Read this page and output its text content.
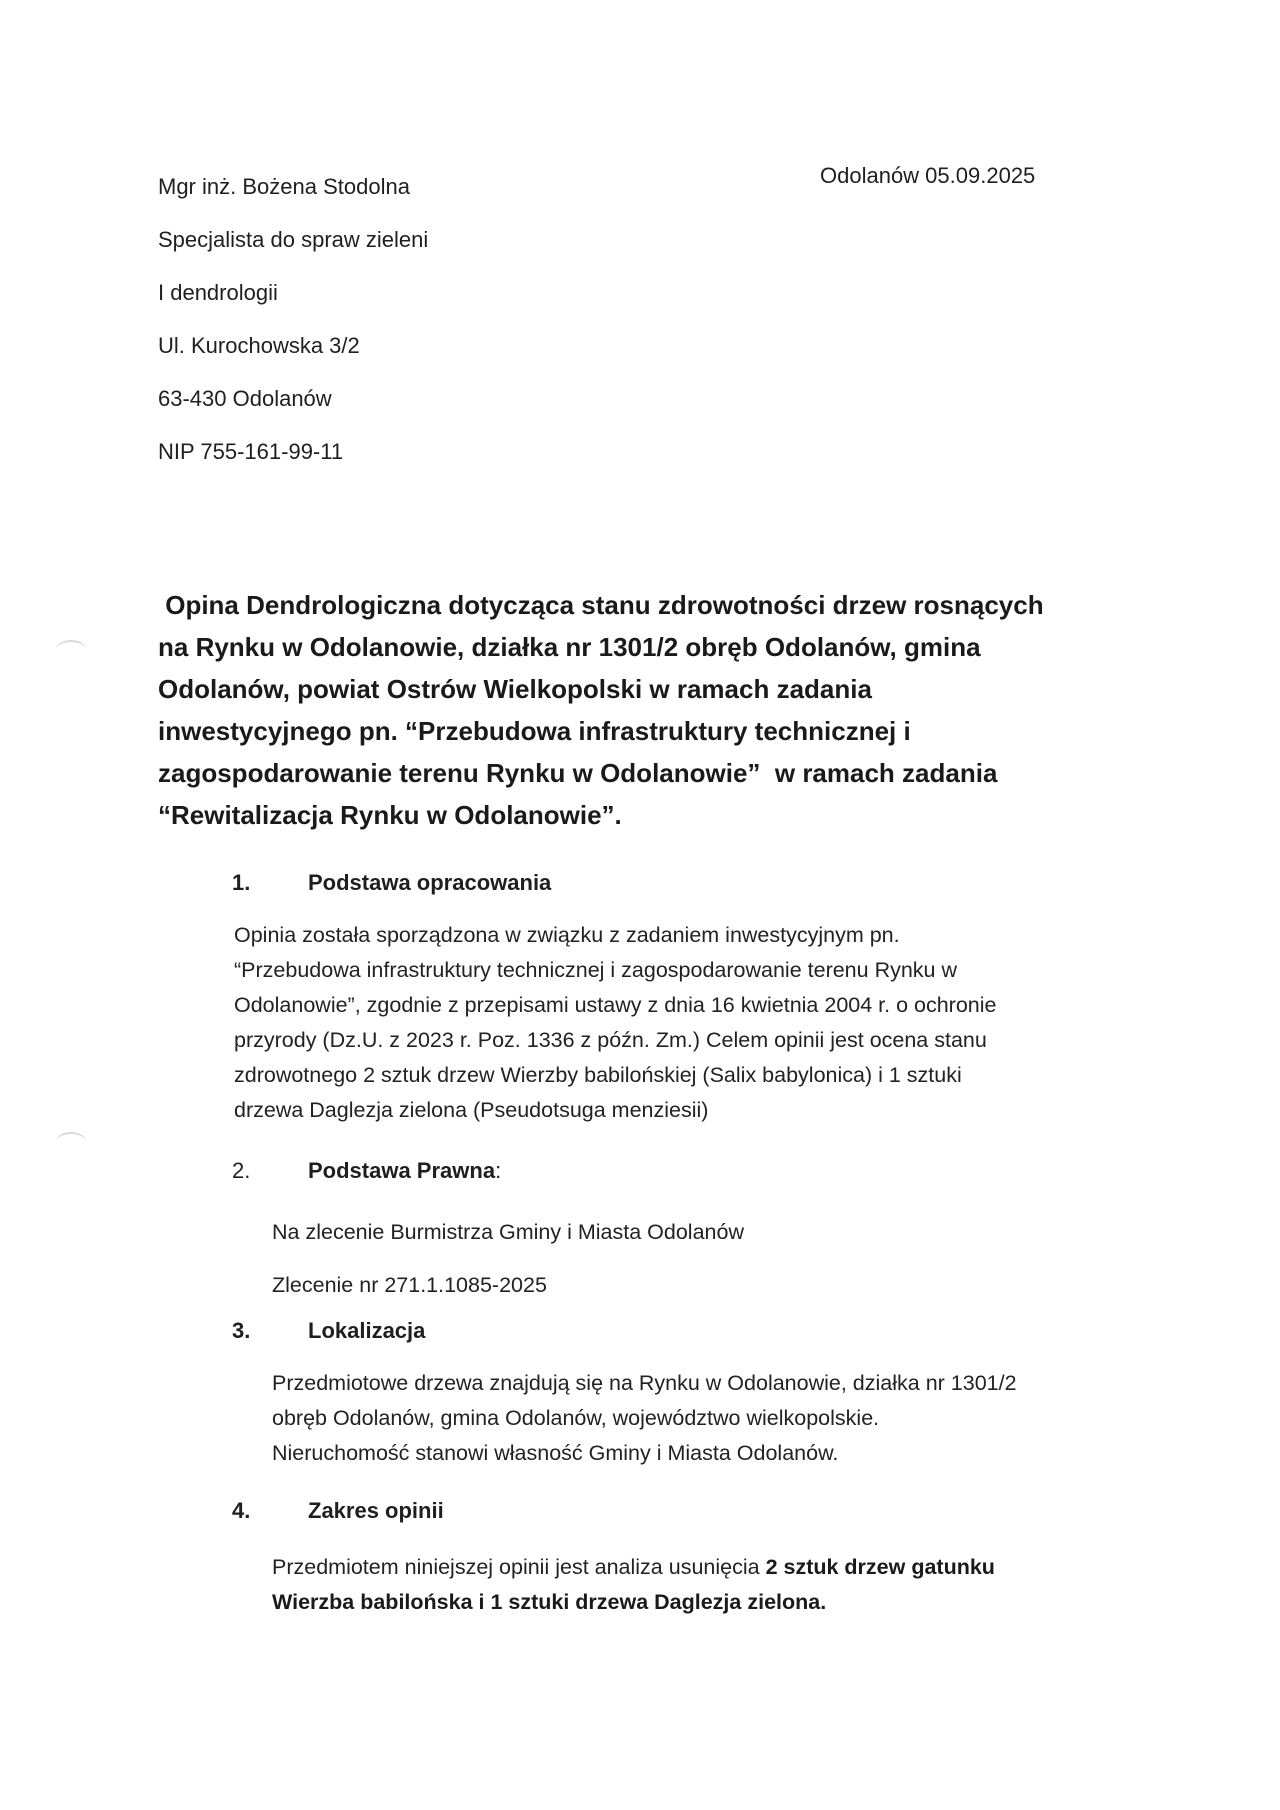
Mgr inż. Bożena Stodolna
Specjalista do spraw zieleni
I dendrologii
Ul. Kurochowska 3/2
63-430 Odolanów
NIP 755-161-99-11
Odolanów 05.09.2025
Opina Dendrologiczna dotycząca stanu zdrowotności drzew rosnących
na Rynku w Odolanowie, działka nr 1301/2 obręb Odolanów, gmina
Odolanów, powiat Ostrów Wielkopolski w ramach zadania
inwestycyjnego pn. “Przebudowa infrastruktury technicznej i
zagospodarowanie terenu Rynku w Odolanowie”  w ramach zadania
“Rewitalizacja Rynku w Odolanowie”.
1.	Podstawa opracowania
Opinia została sporządzona w związku z zadaniem inwestycyjnym pn.
“Przebudowa infrastruktury technicznej i zagospodarowanie terenu Rynku w
Odolanowie”, zgodnie z przepisami ustawy z dnia 16 kwietnia 2004 r. o ochronie
przyrody (Dz.U. z 2023 r. Poz. 1336 z późn. Zm.) Celem opinii jest ocena stanu
zdrowotnego 2 sztuk drzew Wierzby babilońskiej (Salix babylonica) i 1 sztuki
drzewa Daglezja zielona (Pseudotsuga menziesii)
2.	Podstawa Prawna:
Na zlecenie Burmistrza Gminy i Miasta Odolanów
Zlecenie nr 271.1.1085-2025
3.	Lokalizacja
Przedmiotowe drzewa znajdują się na Rynku w Odolanowie, działka nr 1301/2
obręb Odolanów, gmina Odolanów, województwo wielkopolskie.
Nieruchomość stanowi własność Gminy i Miasta Odolanów.
4.	Zakres opinii
Przedmiotem niniejszej opinii jest analiza usunięcia 2 sztuk drzew gatunku
Wierzba babilońska i 1 sztuki drzewa Daglezja zielona.
